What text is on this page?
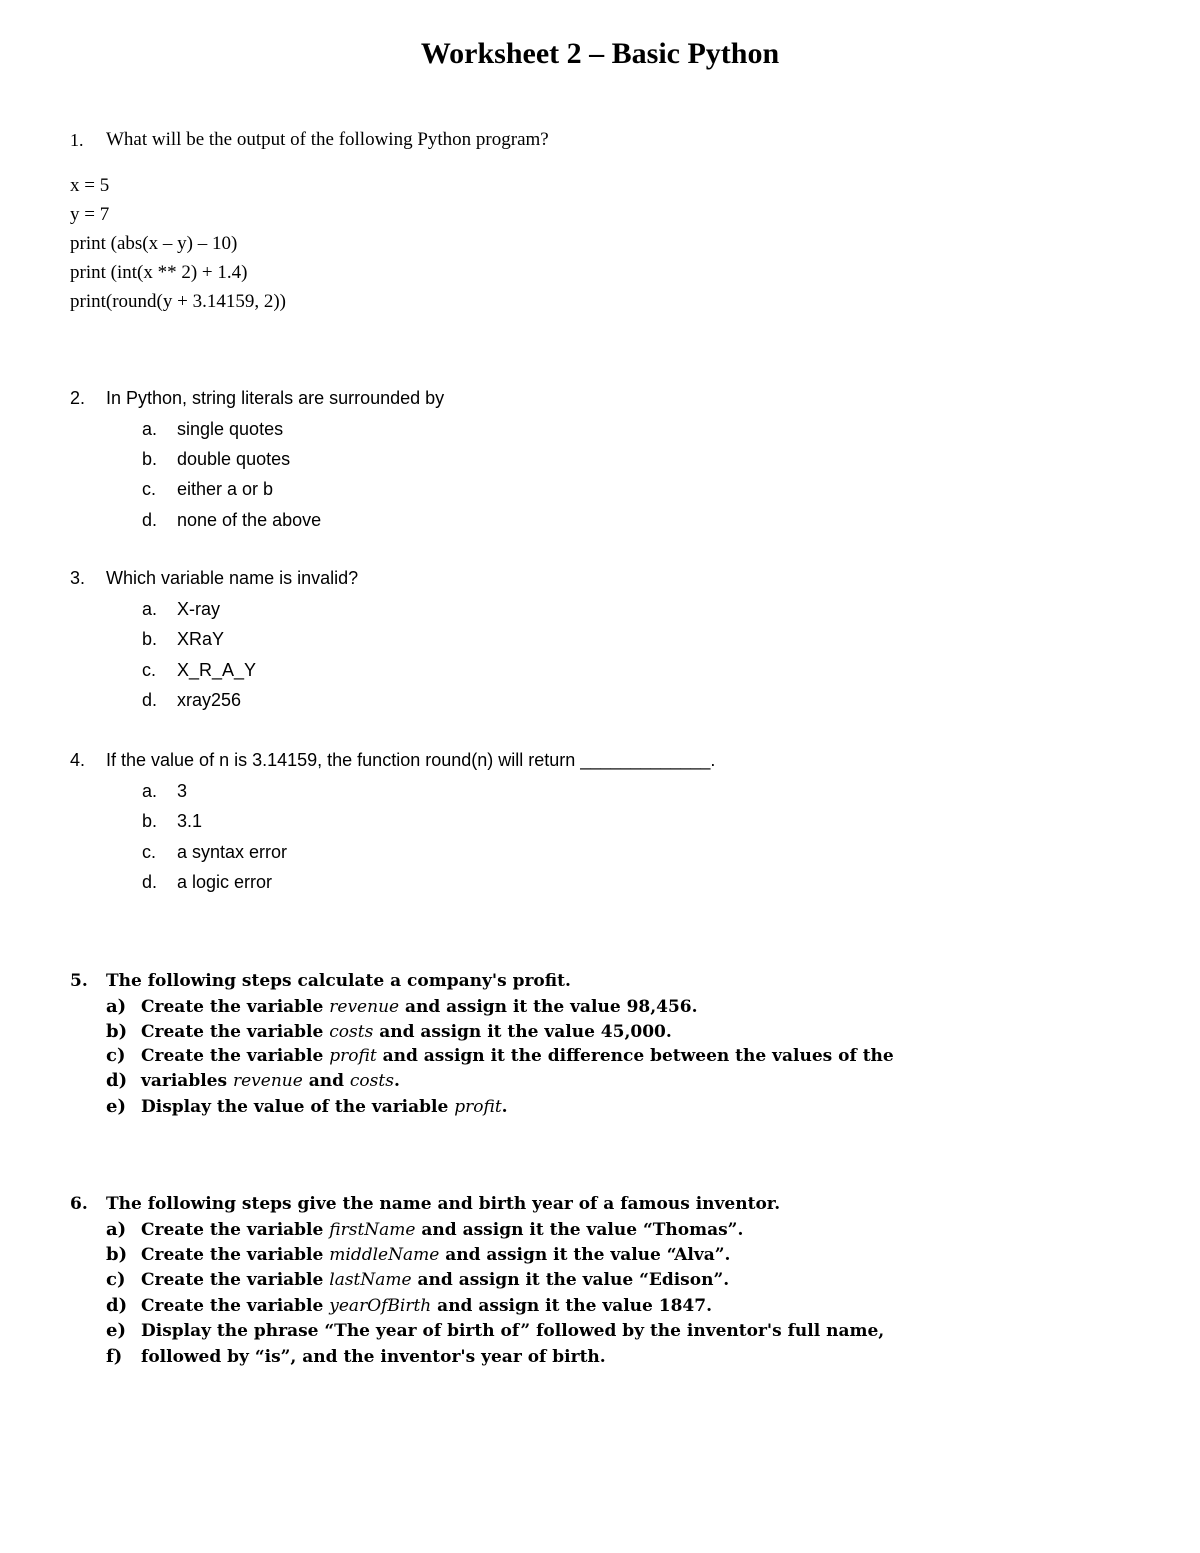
Worksheet 2 – Basic Python
1. What will be the output of the following Python program?
x = 5
y = 7
print (abs(x – y) – 10)
print (int(x ** 2) + 1.4)
print(round(y + 3.14159, 2))
2. In Python, string literals are surrounded by
a. single quotes
b. double quotes
c. either a or b
d. none of the above
3. Which variable name is invalid?
a. X-ray
b. XRaY
c. X_R_A_Y
d. xray256
4. If the value of n is 3.14159, the function round(n) will return _____________.
a. 3
b. 3.1
c. a syntax error
d. a logic error
5. The following steps calculate a company's profit.
a) Create the variable revenue and assign it the value 98,456.
b) Create the variable costs and assign it the value 45,000.
c) Create the variable profit and assign it the difference between the values of the
d) variables revenue and costs.
e) Display the value of the variable profit.
6. The following steps give the name and birth year of a famous inventor.
a) Create the variable firstName and assign it the value “Thomas”.
b) Create the variable middleName and assign it the value “Alva”.
c) Create the variable lastName and assign it the value “Edison”.
d) Create the variable yearOfBirth and assign it the value 1847.
e) Display the phrase “The year of birth of” followed by the inventor's full name,
f) followed by “is”, and the inventor's year of birth.
